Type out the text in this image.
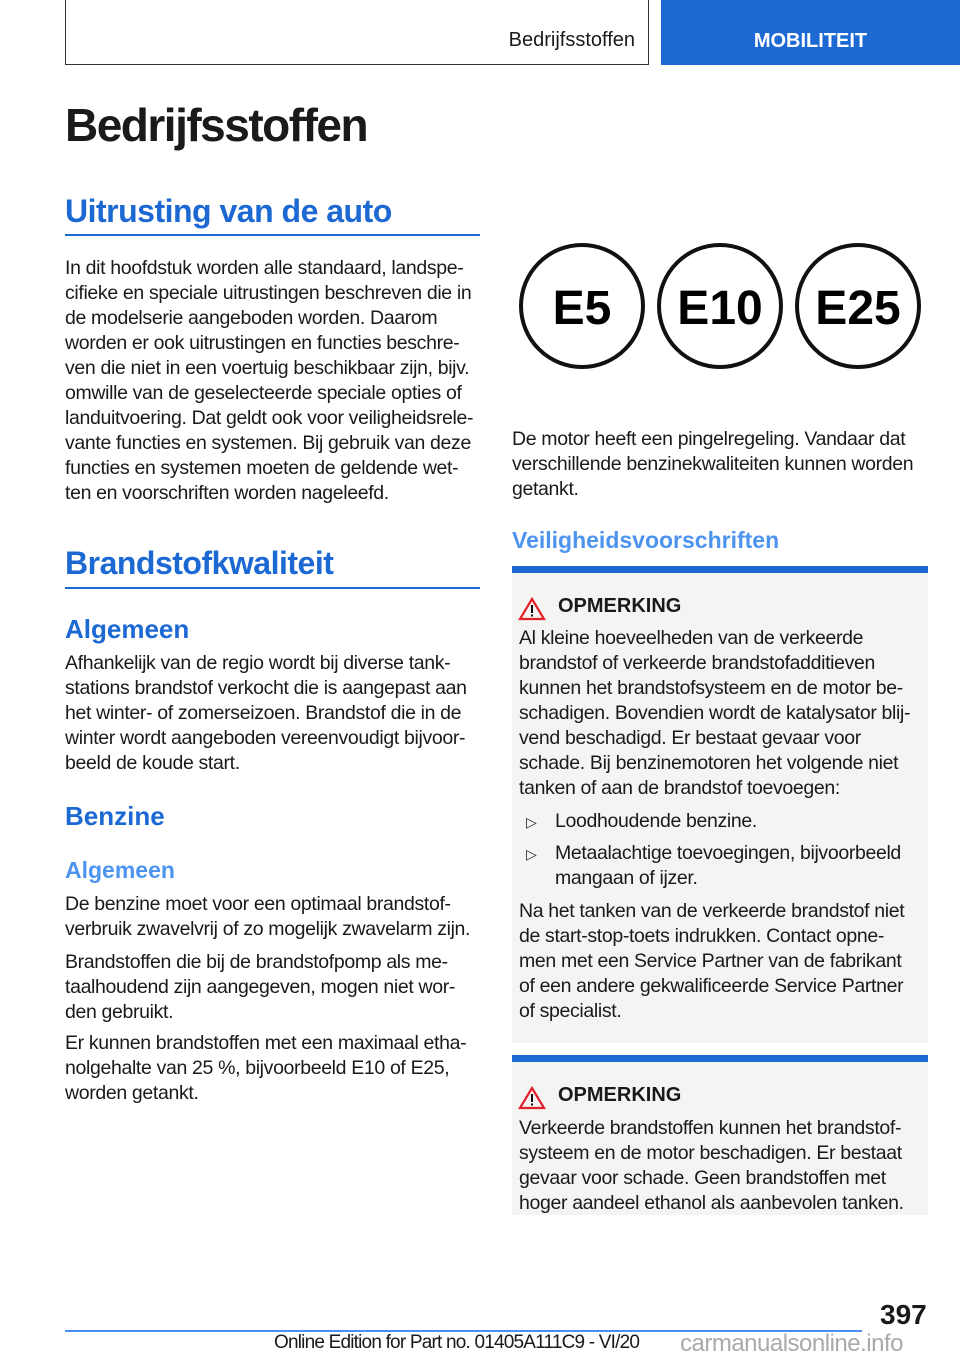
Bedrijfsstoffen	MOBILITEIT
Bedrijfsstoffen
Uitrusting van de auto
In dit hoofdstuk worden alle standaard, landspe‐
cifieke en speciale uitrustingen beschreven die in
de modelserie aangeboden worden. Daarom
worden er ook uitrustingen en functies beschre‐
ven die niet in een voertuig beschikbaar zijn, bijv.
omwille van de geselecteerde speciale opties of
landuitvoering. Dat geldt ook voor veiligheidsrele‐
vante functies en systemen. Bij gebruik van deze
functies en systemen moeten de geldende wet‐
ten en voorschriften worden nageleefd.
Brandstofkwaliteit
Algemeen
Afhankelijk van de regio wordt bij diverse tank‐
stations brandstof verkocht die is aangepast aan
het winter- of zomerseizoen. Brandstof die in de
winter wordt aangeboden vereenvoudigt bijvoor‐
beeld de koude start.
Benzine
Algemeen
De benzine moet voor een optimaal brandstof‐
verbruik zwavelvrij of zo mogelijk zwavelarm zijn.
Brandstoffen die bij de brandstofpomp als me‐
taalhoudend zijn aangegeven, mogen niet wor‐
den gebruikt.
Er kunnen brandstoffen met een maximaal etha‐
nolgehalte van 25 %, bijvoorbeeld E10 of E25,
worden getankt.
E5 E10 E25
De motor heeft een pingelregeling. Vandaar dat
verschillende benzinekwaliteiten kunnen worden
getankt.
Veiligheidsvoorschriften
OPMERKING
Al kleine hoeveelheden van de verkeerde
brandstof of verkeerde brandstofadditieven
kunnen het brandstofsysteem en de motor be‐
schadigen. Bovendien wordt de katalysator blij‐
vend beschadigd. Er bestaat gevaar voor
schade. Bij benzinemotoren het volgende niet
tanken of aan de brandstof toevoegen:
▷ Loodhoudende benzine.
▷ Metaalachtige toevoegingen, bijvoorbeeld
mangaan of ijzer.
Na het tanken van de verkeerde brandstof niet
de start-stop-toets indrukken. Contact opne‐
men met een Service Partner van de fabrikant
of een andere gekwalificeerde Service Partner
of specialist.
OPMERKING
Verkeerde brandstoffen kunnen het brandstof‐
systeem en de motor beschadigen. Er bestaat
gevaar voor schade. Geen brandstoffen met
hoger aandeel ethanol als aanbevolen tanken.
397
Online Edition for Part no. 01405A111C9 - VI/20 carmanualsonline.info
